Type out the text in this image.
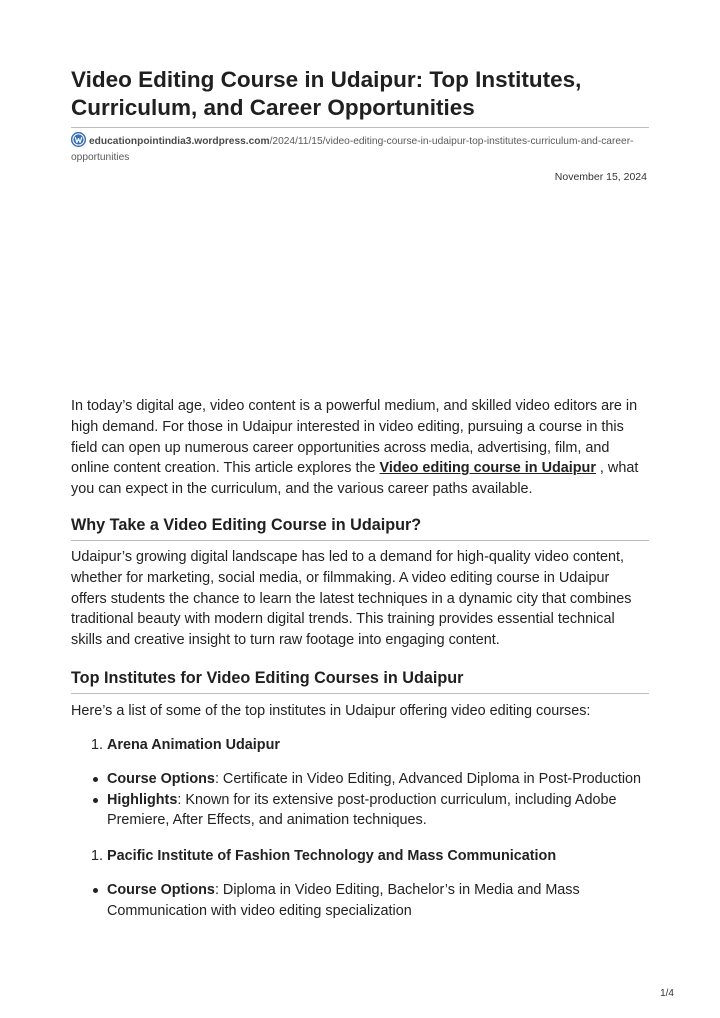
Video Editing Course in Udaipur: Top Institutes, Curriculum, and Career Opportunities
educationpointindia3.wordpress.com/2024/11/15/video-editing-course-in-udaipur-top-institutes-curriculum-and-career-opportunities
November 15, 2024

In today’s digital age, video content is a powerful medium, and skilled video editors are in high demand. For those in Udaipur interested in video editing, pursuing a course in this field can open up numerous career opportunities across media, advertising, film, and online content creation. This article explores the Video editing course in Udaipur , what you can expect in the curriculum, and the various career paths available.

Why Take a Video Editing Course in Udaipur?

Udaipur’s growing digital landscape has led to a demand for high-quality video content, whether for marketing, social media, or filmmaking. A video editing course in Udaipur offers students the chance to learn the latest techniques in a dynamic city that combines traditional beauty with modern digital trends. This training provides essential technical skills and creative insight to turn raw footage into engaging content.

Top Institutes for Video Editing Courses in Udaipur

Here’s a list of some of the top institutes in Udaipur offering video editing courses:

1. Arena Animation Udaipur
Course Options: Certificate in Video Editing, Advanced Diploma in Post-Production
Highlights: Known for its extensive post-production curriculum, including Adobe Premiere, After Effects, and animation techniques.
1. Pacific Institute of Fashion Technology and Mass Communication
Course Options: Diploma in Video Editing, Bachelor’s in Media and Mass Communication with video editing specialization
1/4
